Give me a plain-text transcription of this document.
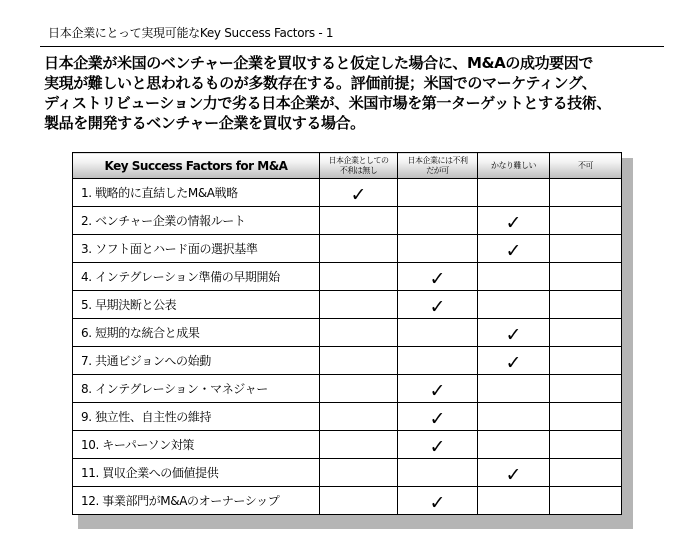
日本企業にとって実現可能なKey Success Factors - 1

日本企業が米国のベンチャー企業を買収すると仮定した場合に、M&Aの成功要因で
実現が難しいと思われるものが多数存在する。評価前提；米国でのマーケティング、
ディストリビューション力で劣る日本企業が、米国市場を第一ターゲットとする技術、
製品を開発するベンチャー企業を買収する場合。

Key Success Factors for M&A	日本企業としての
不利は無し	日本企業には不利
だが可	かなり難しい	不可
1. 戦略的に直結したM&A戦略	✓			
2. ベンチャー企業の情報ルート			✓	
3. ソフト面とハード面の選択基準			✓	
4. インテグレーション準備の早期開始		✓		
5. 早期決断と公表		✓		
6. 短期的な統合と成果			✓	
7. 共通ビジョンへの始動			✓	
8. インテグレーション・マネジャー		✓		
9. 独立性、自主性の維持		✓		
10. キーパーソン対策		✓		
11. 買収企業への価値提供			✓	
12. 事業部門がM&Aのオーナーシップ		✓		
